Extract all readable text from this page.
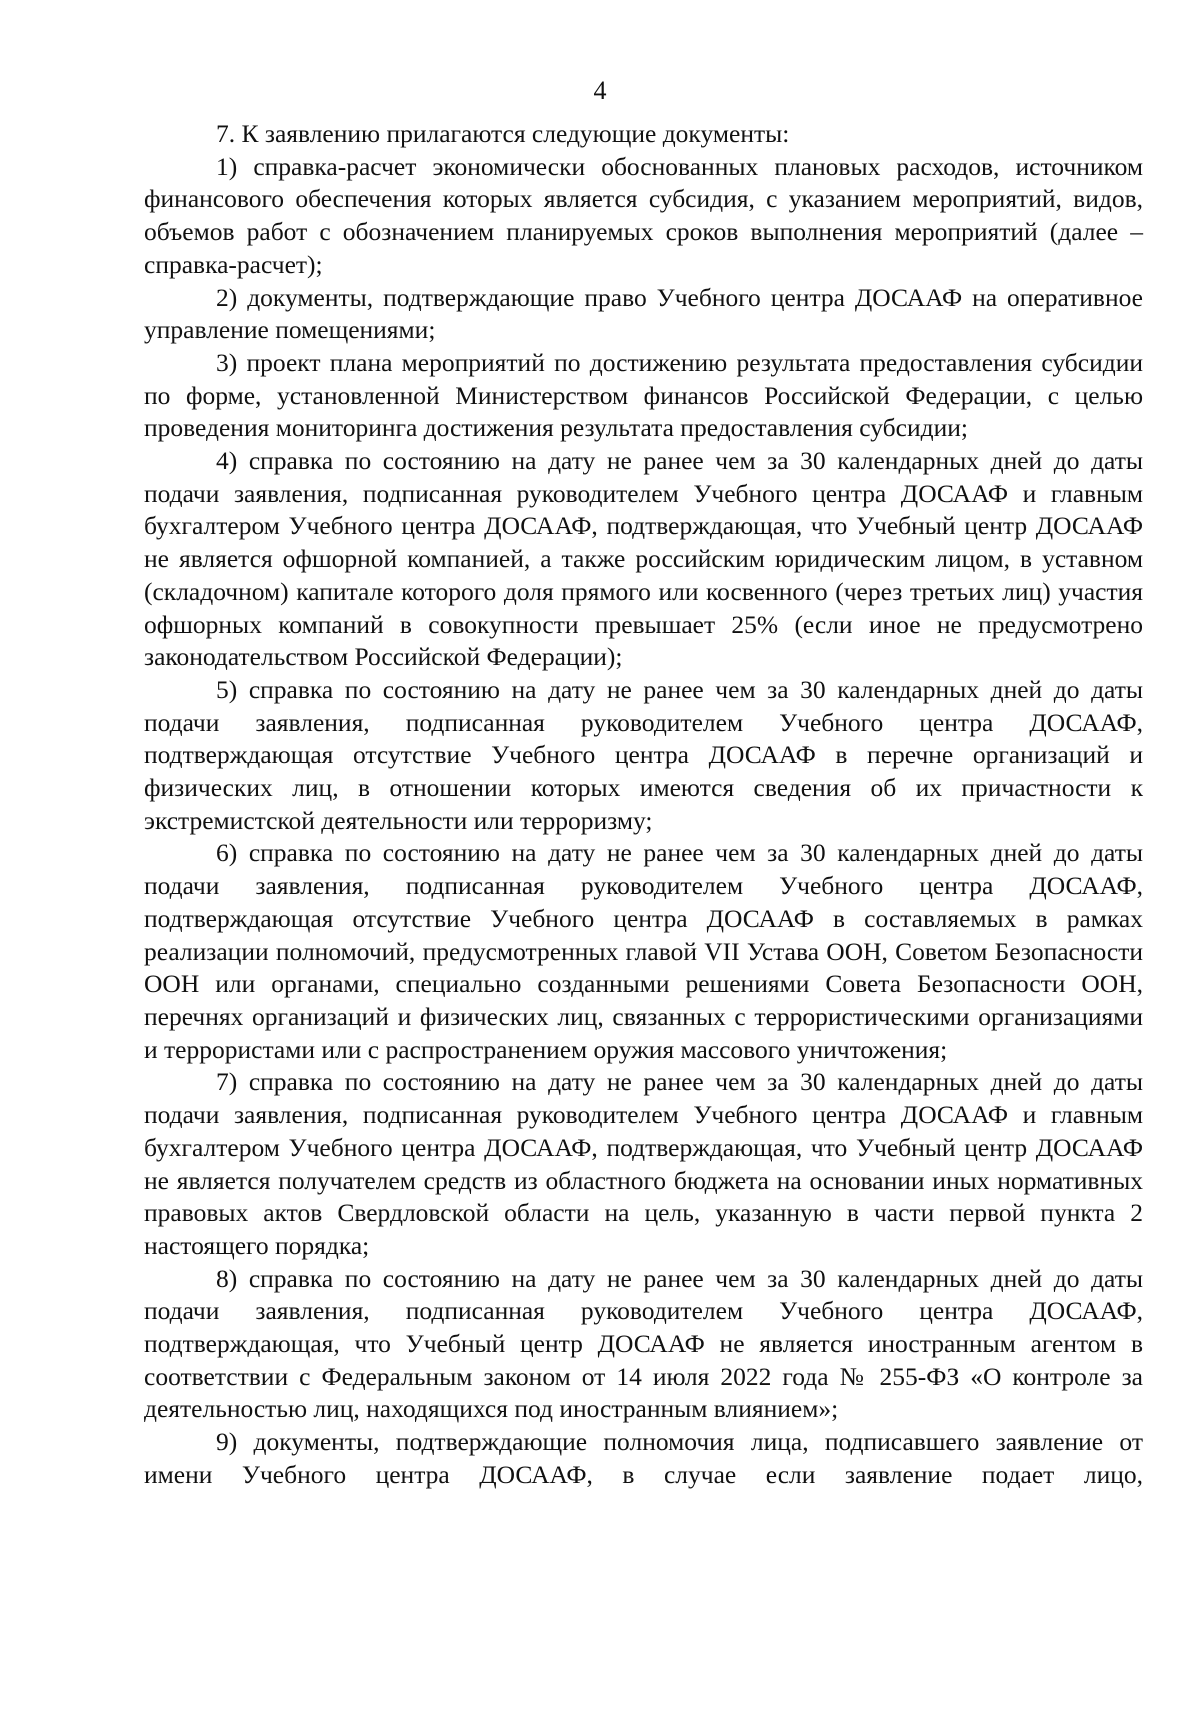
4

7. К заявлению прилагаются следующие документы:

1) справка-расчет экономически обоснованных плановых расходов, источником финансового обеспечения которых является субсидия, с указанием мероприятий, видов, объемов работ с обозначением планируемых сроков выполнения мероприятий (далее – справка-расчет);

2) документы, подтверждающие право Учебного центра ДОСААФ на оперативное управление помещениями;

3) проект плана мероприятий по достижению результата предоставления субсидии по форме, установленной Министерством финансов Российской Федерации, с целью проведения мониторинга достижения результата предоставления субсидии;

4) справка по состоянию на дату не ранее чем за 30 календарных дней до даты подачи заявления, подписанная руководителем Учебного центра ДОСААФ и главным бухгалтером Учебного центра ДОСААФ, подтверждающая, что Учебный центр ДОСААФ не является офшорной компанией, а также российским юридическим лицом, в уставном (складочном) капитале которого доля прямого или косвенного (через третьих лиц) участия офшорных компаний в совокупности превышает 25% (если иное не предусмотрено законодательством Российской Федерации);

5) справка по состоянию на дату не ранее чем за 30 календарных дней до даты подачи заявления, подписанная руководителем Учебного центра ДОСААФ, подтверждающая отсутствие Учебного центра ДОСААФ в перечне организаций и физических лиц, в отношении которых имеются сведения об их причастности к экстремистской деятельности или терроризму;

6) справка по состоянию на дату не ранее чем за 30 календарных дней до даты подачи заявления, подписанная руководителем Учебного центра ДОСААФ, подтверждающая отсутствие Учебного центра ДОСААФ в составляемых в рамках реализации полномочий, предусмотренных главой VII Устава ООН, Советом Безопасности ООН или органами, специально созданными решениями Совета Безопасности ООН, перечнях организаций и физических лиц, связанных с террористическими организациями и террористами или с распространением оружия массового уничтожения;

7) справка по состоянию на дату не ранее чем за 30 календарных дней до даты подачи заявления, подписанная руководителем Учебного центра ДОСААФ и главным бухгалтером Учебного центра ДОСААФ, подтверждающая, что Учебный центр ДОСААФ не является получателем средств из областного бюджета на основании иных нормативных правовых актов Свердловской области на цель, указанную в части первой пункта 2 настоящего порядка;

8) справка по состоянию на дату не ранее чем за 30 календарных дней до даты подачи заявления, подписанная руководителем Учебного центра ДОСААФ, подтверждающая, что Учебный центр ДОСААФ не является иностранным агентом в соответствии с Федеральным законом от 14 июля 2022 года № 255-ФЗ «О контроле за деятельностью лиц, находящихся под иностранным влиянием»;

9) документы, подтверждающие полномочия лица, подписавшего заявление от имени Учебного центра ДОСААФ, в случае если заявление подает лицо,
